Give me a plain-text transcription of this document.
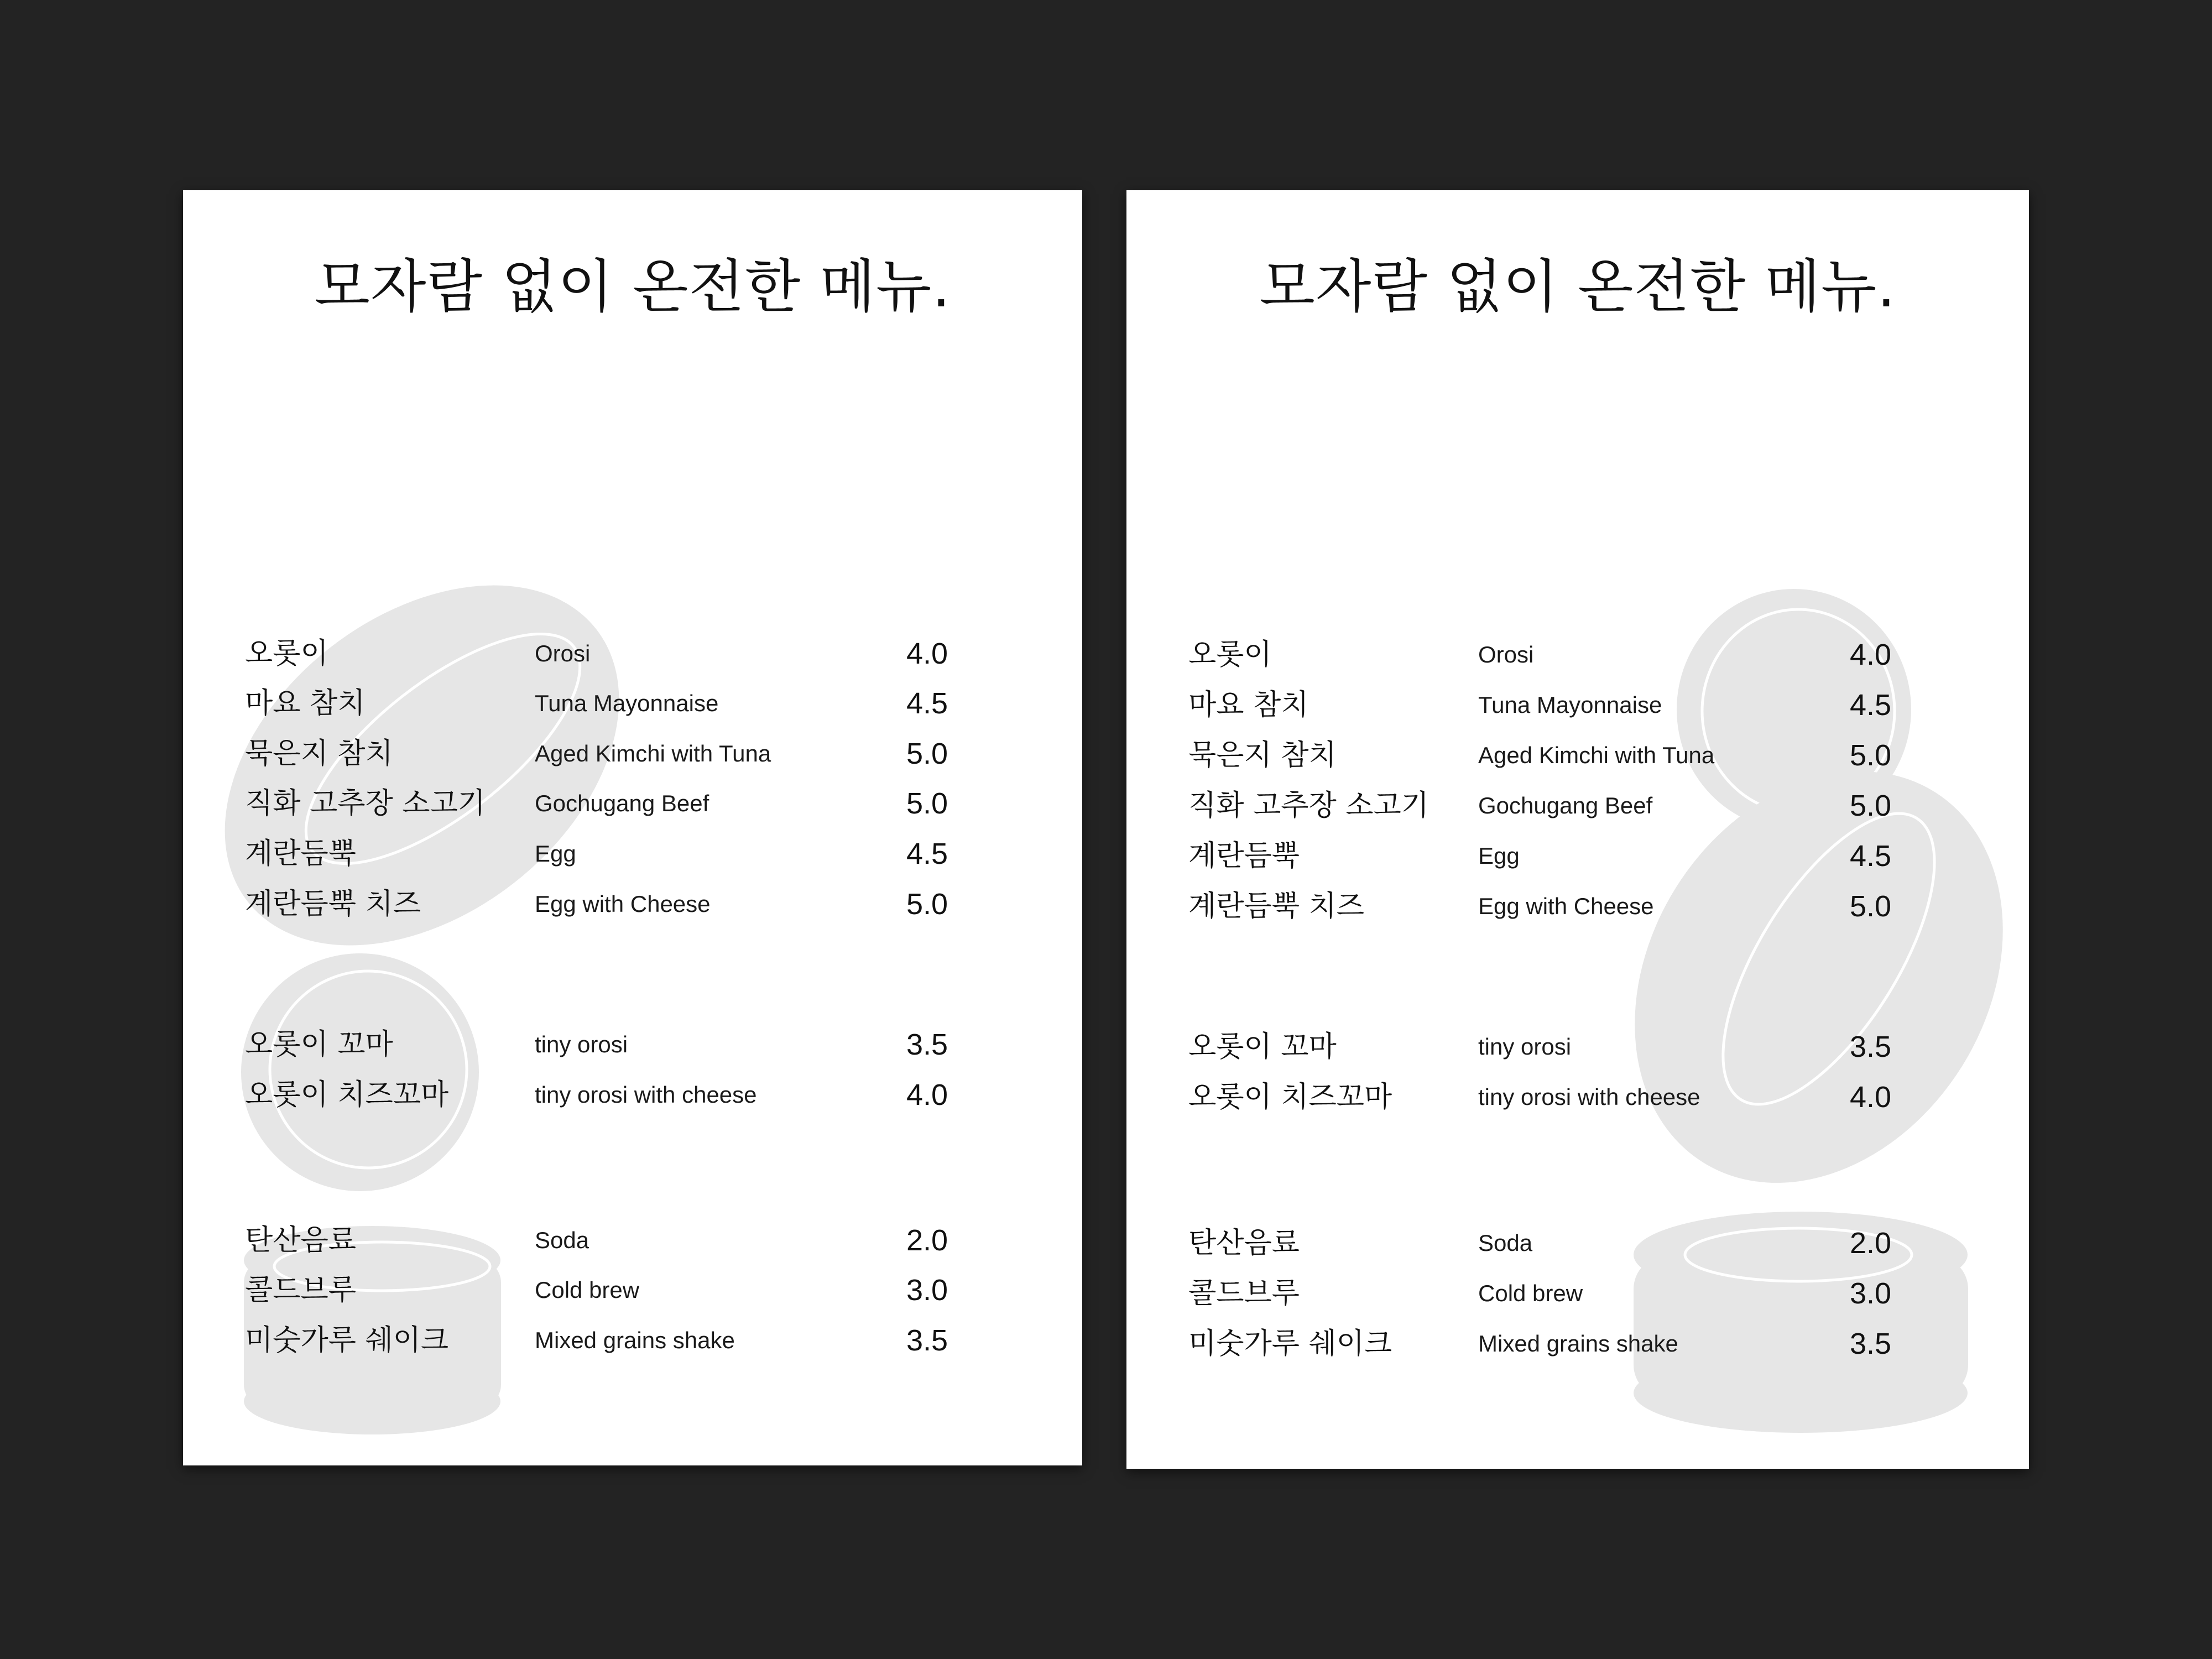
모자람 없이 온전한 메뉴.
오롯이	Orosi	4.0
마요 참치	Tuna Mayonnaise	4.5
묵은지 참치	Aged Kimchi with Tuna	5.0
직화 고추장 소고기 Gochugang Beef	5.0
계란듬뿍	Egg	4.5
계란듬뿍 치즈	Egg with Cheese	5.0
오롯이 꼬마	tiny orosi	3.5
오롯이 치즈꼬마	tiny orosi with cheese	4.0
탄산음료	Soda	2.0
콜드브루	Cold brew	3.0
미숫가루 쉐이크	Mixed grains shake	3.5
모자람 없이 온전한 메뉴.
오롯이	Orosi	4.0
마요 참치	Tuna Mayonnaise	4.5
묵은지 참치	Aged Kimchi with Tuna	5.0
직화 고추장 소고기 Gochugang Beef	5.0
계란듬뿍	Egg	4.5
계란듬뿍 치즈	Egg with Cheese	5.0
오롯이 꼬마	tiny orosi	3.5
오롯이 치즈꼬마	tiny orosi with cheese	4.0
탄산음료	Soda	2.0
콜드브루	Cold brew	3.0
미숫가루 쉐이크	Mixed grains shake	3.5
